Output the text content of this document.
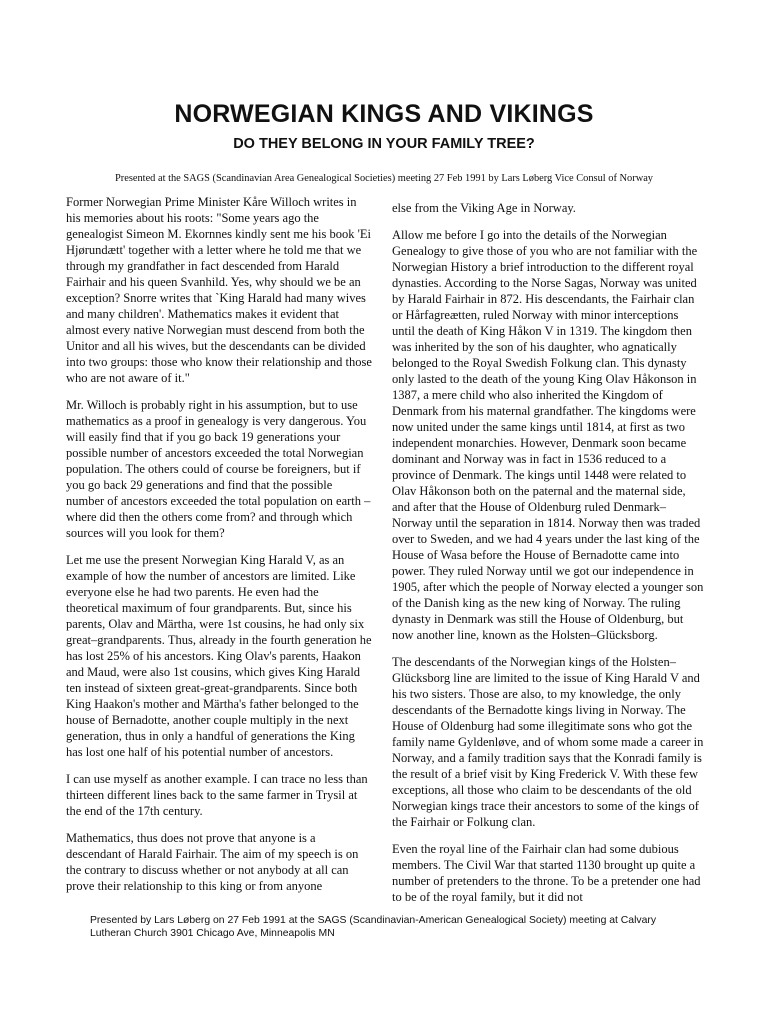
NORWEGIAN KINGS AND VIKINGS
DO THEY BELONG IN YOUR FAMILY TREE?

Presented at the SAGS (Scandinavian Area Genealogical Societies) meeting 27 Feb 1991 by Lars Løberg Vice Consul of Norway

Former Norwegian Prime Minister Kåre Willoch writes in his memories about his roots: "Some years ago the genealogist Simeon M. Ekornnes kindly sent me his book 'Ei Hjørundætt' together with a letter where he told me that we through my grandfather in fact descended from Harald Fairhair and his queen Svanhild. Yes, why should we be an exception? Snorre writes that `King Harald had many wives and many children'. Mathematics makes it evident that almost every native Norwegian must descend from both the Unitor and all his wives, but the descendants can be divided into two groups: those who know their relationship and those who are not aware of it."

Mr. Willoch is probably right in his assumption, but to use mathematics as a proof in genealogy is very dangerous. You will easily find that if you go back 19 generations your possible number of ancestors exceeded the total Norwegian population. The others could of course be foreigners, but if you go back 29 generations and find that the possible number of ancestors exceeded the total population on earth – where did then the others come from? and through which sources will you look for them?

Let me use the present Norwegian King Harald V, as an example of how the number of ancestors are limited. Like everyone else he had two parents. He even had the theoretical maximum of four grandparents. But, since his parents, Olav and Märtha, were 1st cousins, he had only six great–grandparents. Thus, already in the fourth generation he has lost 25% of his ancestors. King Olav's parents, Haakon and Maud, were also 1st cousins, which gives King Harald ten instead of sixteen great-great-grandparents. Since both King Haakon's mother and Märtha's father belonged to the house of Bernadotte, another couple multiply in the next generation, thus in only a handful of generations the King has lost one half of his potential number of ancestors.

I can use myself as another example. I can trace no less than thirteen different lines back to the same farmer in Trysil at the end of the 17th century.

Mathematics, thus does not prove that anyone is a descendant of Harald Fairhair. The aim of my speech is on the contrary to discuss whether or not anybody at all can prove their relationship to this king or from anyone

else from the Viking Age in Norway.

Allow me before I go into the details of the Norwegian Genealogy to give those of you who are not familiar with the Norwegian History a brief introduction to the different royal dynasties. According to the Norse Sagas, Norway was united by Harald Fairhair in 872. His descendants, the Fairhair clan or Hårfagreætten, ruled Norway with minor interceptions until the death of King Håkon V in 1319. The kingdom then was inherited by the son of his daughter, who agnatically belonged to the Royal Swedish Folkung clan. This dynasty only lasted to the death of the young King Olav Håkonson in 1387, a mere child who also inherited the Kingdom of Denmark from his maternal grandfather. The kingdoms were now united under the same kings until 1814, at first as two independent monarchies. However, Denmark soon became dominant and Norway was in fact in 1536 reduced to a province of Denmark. The kings until 1448 were related to Olav Håkonson both on the paternal and the maternal side, and after that the House of Oldenburg ruled Denmark–Norway until the separation in 1814. Norway then was traded over to Sweden, and we had 4 years under the last king of the House of Wasa before the House of Bernadotte came into power. They ruled Norway until we got our independence in 1905, after which the people of Norway elected a younger son of the Danish king as the new king of Norway. The ruling dynasty in Denmark was still the House of Oldenburg, but now another line, known as the Holsten–Glücksborg.

The descendants of the Norwegian kings of the Holsten–Glücksborg line are limited to the issue of King Harald V and his two sisters. Those are also, to my knowledge, the only descendants of the Bernadotte kings living in Norway. The House of Oldenburg had some illegitimate sons who got the family name Gyldenløve, and of whom some made a career in Norway, and a family tradition says that the Konradi family is the result of a brief visit by King Frederick V. With these few exceptions, all those who claim to be descendants of the old Norwegian kings trace their ancestors to some of the kings of the Fairhair or Folkung clan.

Even the royal line of the Fairhair clan had some dubious members. The Civil War that started 1130 brought up quite a number of pretenders to the throne. To be a pretender one had to be of the royal family, but it did not

Presented by Lars Løberg on 27 Feb 1991 at the SAGS (Scandinavian-American Genealogical Society) meeting at Calvary Lutheran Church 3901 Chicago Ave, Minneapolis MN
